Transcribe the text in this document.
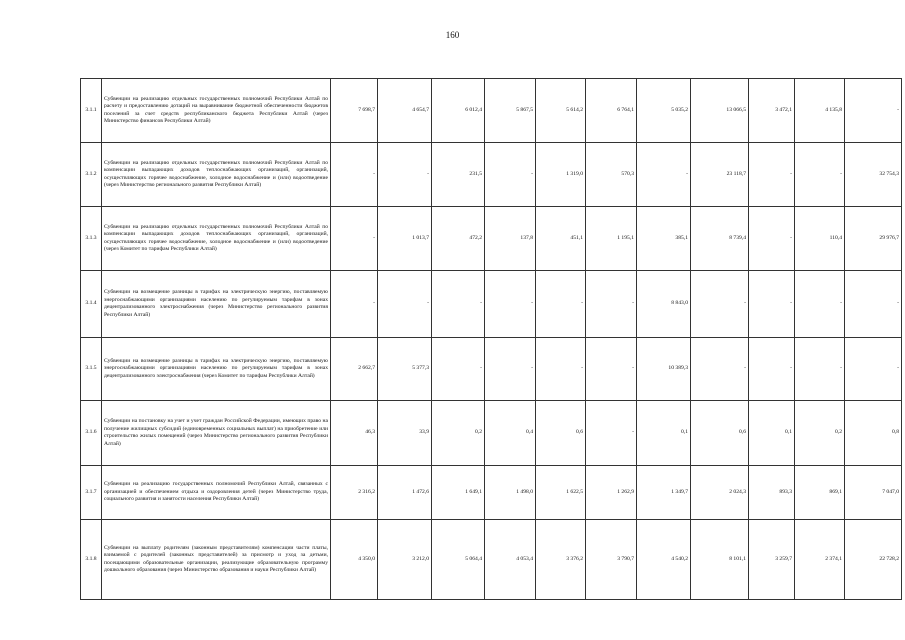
160
3.1.1	Субвенции на реализацию отдельных государственных полномочий Республики Алтай по расчету и предоставлению дотаций на выравнивание бюджетной обеспеченности бюджетов поселений за счет средств республиканского бюджета Республики Алтай (через Министерство финансов Республики Алтай)	7 698,7	4 654,7	6 012,4	5 867,5	5 614,2	6 764,1	5 035,2	13 066,5	3 472,1	4 135,8	-
3.1.2	Субвенции на реализацию отдельных государственных полномочий Республики Алтай по компенсации выпадающих доходов теплоснабжающих организаций, организаций, осуществляющих горячее водоснабжение, холодное водоснабжение и (или) водоотведение (через Министерство регионального развития Республики Алтай)	-	-	231,5	-	1 319,0	570,3	-	23 118,7	-	-	32 754,3
3.1.3	Субвенции на реализацию отдельных государственных полномочий Республики Алтай по компенсации выпадающих доходов теплоснабжающих организаций, организаций, осуществляющих горячее водоснабжение, холодное водоснабжение и (или) водоотведение (через Комитет по тарифам Республики Алтай)	-	1 013,7	472,2	137,8	451,1	1 195,1	385,1	8 739,4	-	110,4	29 976,7
3.1.4	Субвенции на возмещение разницы в тарифах на электрическую энергию, поставляемую энергоснабжающими организациями населению по регулируемым тарифам в зонах децентрализованного электроснабжения (через Министерство регионального развития Республики Алтай)	-	-	-	-	-	-	8 843,0	-	-	-	-
3.1.5	Субвенции на возмещение разницы в тарифах на электрическую энергию, поставляемую энергоснабжающими организациями населению по регулируемым тарифам в зонах децентрализованного электроснабжения (через Комитет по тарифам Республики Алтай)	2 662,7	5 377,3	-	-	-	-	10 389,3	-	-	-	-
3.1.6	Субвенции на постановку на учет и учет граждан Российской Федерации, имеющих право на получение жилищных субсидий (единовременных социальных выплат) на приобретение или строительство жилых помещений (через Министерство регионального развития Республики Алтай)	46,3	33,9	0,2	0,4	0,6	-	0,1	0,6	0,1	0,2	0,8
3.1.7	Субвенции на реализацию государственных полномочий Республики Алтай, связанных с организацией и обеспечением отдыха и оздоровления детей (через Министерство труда, социального развития и занятости населения Республики Алтай)	2 316,2	1 472,6	1 649,1	1 498,0	1 622,5	1 262,9	1 349,7	2 024,3	893,3	869,1	7 047,0
3.1.8	Субвенции на выплату родителям (законным представителям) компенсации части платы, взимаемой с родителей (законных представителей) за присмотр и уход за детьми, посещающими образовательные организации, реализующие образовательную программу дошкольного образования (через Министерство образования и науки Республики Алтай)	4 350,0	3 212,0	5 064,4	4 053,4	3 376,2	3 790,7	4 540,2	8 101,1	3 259,7	2 374,1	22 728,2
